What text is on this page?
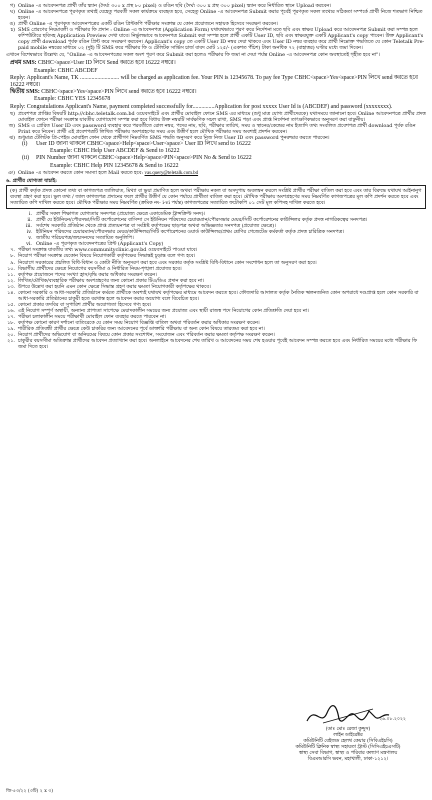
গ) Online -এ আবেদনপত্র প্রার্থী তাঁর স্ক্যান (দৈর্ঘ্য ৩০০ x প্রস্থ ৮০ pixel) ও রঙিন ছবি (দৈর্ঘ্য ৩০০ x প্রস্থ ৩০০ pixel) স্ক্যান করে নির্ধারিত স্থানে Upload করবেন।
ঘ) Online -এ আবেদনপত্রে পূরণকৃত তথ্যই যেহেতু পরবর্তী সকল কার্যক্রমে ব্যবহৃত হবে, সেহেতু Online -এ আবেদনপত্র Submit করার পূর্বেই পূরণকৃত সকল তথ্যের সঠিকতা সম্পর্কে প্রার্থী নিজে শতভাগ নিশ্চিত হবেন।
ঙ) প্রার্থী Online -এ পূরণকৃত আবেদনপত্রের একটি রঙিন প্রিন্টকপি পরীক্ষার সংক্রান্ত যে কোন প্রয়োজনে সহায়ক হিসেবে সংরক্ষণ করবেন।
চ) SMS প্রেরণের নিয়মাবলী ও পরীক্ষার ফি প্রদান : Online -এ আবেদনপত্র (Application Form) যথাযথভাবে পূরণ করে নির্দেশনা মতে ছবি এবং স্বাক্ষর Upload করে আবেদনপত্র Submit করা সম্পন্ন হলে কম্পিউটারে ছবিসহ Application Preview দেখা যাবে। নির্ভুলভাবে আবেদনপত্র Submit করা সম্পন্ন হলে প্রার্থী একটি User ID, ছবি এবং স্বাক্ষরযুক্ত একটি Applicant's copy পাবেন। উক্ত Applicant's copy প্রার্থী download পূর্বক রঙিন প্রিন্ট করে সংরক্ষণ করবেন। Applicant's copy তে একটি User ID নম্বর দেয়া থাকবে এবং User ID নম্বর ব্যবহার করে প্রার্থী নিম্নোক্ত পদ্ধতিতে যে কোন Teletalk Pre-paid mobile নম্বরের মাধ্যমে ০২ (দুই) টি SMS করে পরীক্ষার ফি ও টেলিটক সার্ভিস চার্জ বাবদ মোট ১২৫/- (একশত পঁচিশ) টাকা অনধিক ৭২ (বাহাত্তর) ঘণ্টার মধ্যে জমা দিবেন।
এখানে বিশেষভাবে উল্লেখ্য যে, "Online -এ আবেদনপত্রের সকল অংশ পূরণ করে Submit করা হলেও পরীক্ষার ফি জমা না দেয়া পর্যন্ত Online -এ আবেদনপত্র কোন অবস্থাতেই গৃহীত হবে না"।
প্রথম SMS: CBHC<space>User ID লিখে Send করতে হবে 16222 নম্বরে।
Example: CBHC ABCDEF
Reply: Applicant's Name, TK ........................... will be charged as application fee. Your PIN is 12345678. To pay fee Type CBHC<space>Yes<space>PIN লিখে send করতে হবে 16222 নম্বরে।
দ্বিতীয় SMS: CBHC<space>Yes<space>PIN লিখে send করতে হবে 16222 নম্বরে।
Example: CBHC YES 12345678
Reply: Congratulations Applicant's Name, payment completed successfully for...............Application for post xxxxx User Id is (ABCDEF) and password (xxxxxxxx).
ছ) প্রবেশপত্র প্রাপ্তির বিষয়টি http://cbhc.teletalk.com.bd ওয়েবসাইটে এবং প্রার্থীর মোবাইল ফোনে SMS এর মাধ্যমে (শুধু মাত্র যোগ্য প্রার্থীদেরকে) যথাসময়ে জানানো হবে। Online আবেদনপত্রে প্রার্থীর প্রদত্ত মোবাইল ফোনে পরীক্ষা সংক্রান্ত যাবতীয় যোগাযোগ সম্পন্ন করা হবে বিধায় উক্ত নম্বরটি সার্বক্ষণিক সচল রাখা, SMS পড়া এবং প্রাপ্ত নির্দেশনা তাৎক্ষণিকভাবে অনুসরণ করা বাঞ্ছনীয়।
জ) SMS এ প্রেরিত User ID এবং password ব্যবহার করে পরবর্তীতে রোল নম্বর, পদের নাম, ছবি, পরীক্ষার তারিখ, সময় ও স্থানের/কেন্দ্রের নাম ইত্যাদি তথ্য সংবলিত প্রবেশপত্র প্রার্থী download পূর্বক রঙিন Print করে নিবেন। প্রার্থী এই প্রবেশপত্রটি লিখিত পরীক্ষায় অংশগ্রহণের সময় এবং উত্তীর্ণ হলে মৌখিক পরীক্ষার সময় অবশ্যই প্রদর্শন করবেন।
ঝ) শুধুমাত্র টেলিটক প্রি-পেইড মোবাইল ফোন থেকে প্রার্থীগণ নিম্নবর্ণিত SMS পদ্ধতি অনুসরণ করে নিজ নিজ User ID এবং password পুনরুদ্ধার করতে পারবেন।
(i)	User ID জানা থাকলে CBHC<space>Help<space>User<space> User ID লিখে send to 16222
Example: CBHC Help User ABCDEF & Send to 16222
(ii)	PIN Number জানা থাকলে CBHC<space>Help<space>PIN<space>PIN No & Send to 16222
Example: CBHC Help PIN 12345678 & Send to 16222
ঞ) Online -এ আবেদন করতে কোন সমস্যা হলে Mail করতে হবে: vas.query@teletalk.com.bd
৬. প্রার্থীর যোগ্যতা যাচাই:
(ক) প্রার্থী কর্তৃক প্রদত্ত কোনো তথ্য বা কাগজপত্র জালিয়াত, মিথ্যা বা ভুয়া প্রমাণিত হলে অথবা পরীক্ষায় নকল বা অসদুপায় অবলম্বন করলে সংশ্লিষ্ট প্রার্থীর পরীক্ষা বাতিল করা হবে এবং তার বিরুদ্ধে যথাযথ আইনানুগ ব্যবস্থা গ্রহণ করা হবে। ভুল তথ্য / জাল কাগজপত্র প্রদানের ফলে প্রার্থীর উত্তীর্ণ যে কোন পর্যায়ে প্রার্থীতা বাতিল করা হবে। মৌখিক পরীক্ষায় অংশগ্রহণের সময় নিম্নবর্ণিত কাগজপত্রের মূল কপি প্রদর্শন করতে হবে এবং সত্যায়িত কপি দাখিল করতে হবে। মৌখিক পরীক্ষার সময় নিম্নবর্ণিত (ক্রমিক নং- i-vi পর্যন্ত) কাগজপত্রের সত্যায়িত ফটোকপি ০১ সেট মূল কপিসহ দাখিল করতে হবে।
i. প্রার্থীর সকল শিক্ষাগত যোগ্যতার সনদপত্র (প্রয়োজ্য ক্ষেত্রে একাডেমিক ট্রান্সক্রিপ্ট সনদ)।
ii. প্রার্থী যে ইউনিয়ন/পৌরসভা/সিটি কর্পোরেশনের বাসিন্দা সে ইউনিয়ন পরিষদের চেয়ারম্যান/পৌরসভার মেয়র/সিটি কর্পোরেশনের কাউন্সিলর কর্তৃক প্রদত্ত নাগরিকত্বের সনদপত্র।
iii. সর্বশেষ সরকারি প্রতিষ্ঠান থেকে প্রাপ্ত প্রত্যয়নপত্র বা সংশ্লিষ্ট কর্তৃপক্ষের ছাড়পত্র অথবা অভিজ্ঞতার সনদপত্র (প্রয়োজ্য ক্ষেত্রে)।
iv. ইউনিয়ন পরিষদের চেয়ারম্যান/পৌরসভার মেয়র/কাউন্সিলর/সিটি কর্পোরেশনের ওয়ার্ড কাউন্সিলর/প্রথম শ্রেণির গেজেটেড কর্মকর্তা কর্তৃক প্রদত্ত চারিত্রিক সনদপত্র।
v. জাতীয় পরিচয়পত্র/জন্মসনদের সত্যায়িত অনুলিপি।
vi. Online -এ পূরণকৃত আবেদনপত্রের প্রিন্ট (Applicant's Copy)
৭. পরীক্ষা সংক্রান্ত যাবতীয় তথ্য www.communityclinic.gov.bd ওয়েবসাইটে পাওয়া যাবে।
৮. নিয়োগ পরীক্ষা সংক্রান্ত যেকোন বিষয়ে নিয়োগকারী কর্তৃপক্ষের সিদ্ধান্তই চূড়ান্ত বলে গণ্য হবে।
৯. নিয়োগে সরকারের প্রচলিত বিধি-বিধান ও কোটা নীতি অনুসরণ করা হবে এবং সরকার কর্তৃক সংশ্লিষ্ট বিধি-বিধানে কোন সংশোধন হলে তা অনুসরণ করা হবে।
১০. বিভাগীয় প্রার্থীদের ক্ষেত্রে নিয়োগের বয়সসীমা ও নির্ধারিত নিয়ম-শৃঙ্খলা প্রযোজ্য হবে।
১১. কর্তৃপক্ষ প্রয়োজনে পদের সংখ্যা হ্রাস/বৃদ্ধি করার অধিকার সংরক্ষণ করেন।
১২. লিখিত/মৌখিক/ব্যবহারিক পরীক্ষায় অংশগ্রহণের জন্য কোনো প্রকার টিএ/ডিএ প্রদান করা হবে না।
১৩. উপরে উল্লেখ করা হয়নি এমন কোন ক্ষেত্রে সিদ্ধান্ত গ্রহণ করার ক্ষমতা নিয়োগকারী কর্তৃপক্ষের থাকবে।
১৪. কোনো সরকারি ও আধা-সরকারি প্রতিষ্ঠানে কর্মরত প্রার্থীকে অবশ্যই যথাযথ কর্তৃপক্ষের মাধ্যমে আবেদন করতে হবে। ফৌজদারি আদালত কর্তৃক নৈতিক স্খলনজনিত কোন অপরাধে দণ্ডপ্রাপ্ত হলে কোন সরকারি বা আধা-সরকারি প্রতিষ্ঠানের চাকুরী হতে বরখাস্ত হলে আবেদন করার অযোগ্য বলে বিবেচিত হবে।
১৫. কোনো প্রকার তদবির বা সুপারিশ প্রার্থীর অযোগ্যতা হিসেবে গণ্য হবে।
১৬. এই নিয়োগ সম্পূর্ণ অস্থায়ী, অন্যান্য প্রাপ্যতা সাপেক্ষে মেয়াদকালীন সময়ের জন্য প্রযোজ্য এবং স্থায়ী রাজস্ব পদে নিয়োগের কোন প্রতিশ্রুতি দেয়া হবে না।
১৭. পরীক্ষা চলাকালীন সময়ে পরীক্ষার্থী মোবাইল ফোন ব্যবহার করতে পারবেন না।
১৮. কর্তৃপক্ষ কোনো কারণ দর্শানো ব্যতিরেকে যে কোন সময় নিয়োগ বিজ্ঞপ্তি বাতিল অথবা পরিবর্তন করার অধিকার সংরক্ষণ করেন।
১৯. শারীরিক প্রতিবন্ধী প্রার্থীর ক্ষেত্রে কেউ চাকরির জন্য আবেদনের পূর্বে ডাক্তারি পরীক্ষায় বা অন্য কোন বিষয়ে তারতম্য করা হবে না।
২০. নিয়োগ প্রার্থীদের অভিযোগ বা অনিয়মের বিষয়ে কোন প্রকার সংশোধন, সংযোজন এবং পরিবর্তন করার ক্ষমতা কর্তৃপক্ষ সংরক্ষণ করেন।
২১. চাকুরীর বয়সসীমা অতিক্রান্ত প্রার্থীদের আবেদন প্রত্যাখ্যান করা হবে। অনলাইনে আবেদনের শেষ তারিখ ও আবেদনের সময় শেষ হওয়ার পূর্বেই আবেদন সম্পন্ন করতে হবে এবং নির্ধারিত সময়ের মধ্যে পরীক্ষার ফি জমা দিতে হবে।
২৬.০৮.২০২২
(ডাঃ মোঃ রেজা কুদ্দুস)
লাইন ডাইরেক্টর
কমিউনিটি বেইজড হেলথ কেয়ার (সিবিএইচসি)
কমিউনিটি ক্লিনিক স্বাস্থ্য সহায়তা ট্রাস্ট (সিসিএইচএসটি)
স্বাস্থ্য সেবা বিভাগ, স্বাস্থ্য ও পরিবার কল্যাণ মন্ত্রণালয়
বিএমআরসি ভবন, মহাখালী, ঢাকা-১২১২।
জি-৫৩/২২ (৩টি) ২ x ৩)
